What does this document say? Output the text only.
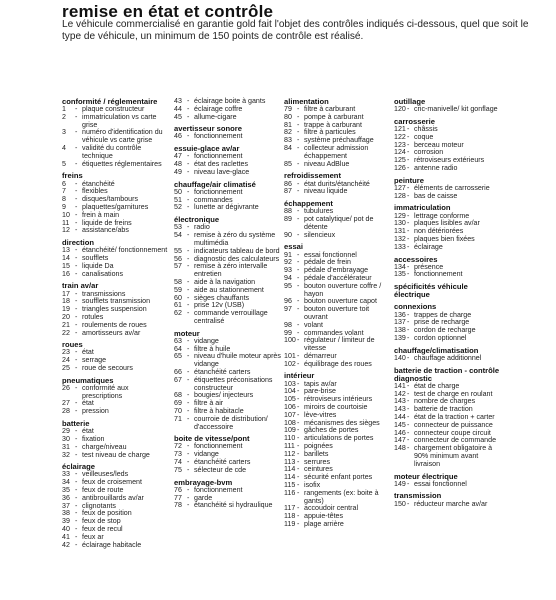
remise en état et contrôle
Le véhicule commercialisé en garantie gold fait l'objet des contrôles indiqués ci-dessous, quel que soit le type de véhicule, un minimum de 150 points de contrôle est réalisé.
conformité / réglementaire
1	- plaque constructeur
2	- immatriculation vs carte grise
3	- numéro d'identification du véhicule vs carte grise
4	- validité du contrôle technique
5	- étiquettes réglementaires
freins
6	- étanchéité
7	- flexibles
8	- disques/tambours
9	- plaquettes/garnitures
10 - frein à main
11 - liquide de freins
12 - assistance/abs
direction
13 - étanchéité/ fonctionnement
14 - soufflets
15 - liquide Da
16 - canalisations
train av/ar
17 - transmissions
18 - soufflets transmission
19 - triangles suspension
20 - rotules
21 - roulements de roues
22 - amortisseurs av/ar
roues
23 - état
24 - serrage
25 - roue de secours
pneumatiques
26 - conformité aux prescriptions
27 - état
28 - pression
batterie
29 - état
30 - fixation
31 - charge/niveau
32 - test niveau de charge
éclairage
33 - veilleuses/leds
34 - feux de croisement
35 - feux de route
36 - antibrouillards av/ar
37 - clignotants
38 - feux de position
39 - feux de stop
40 - feux de recul
41 - feux ar
42 - éclairage habitacle
43 - éclairage boite à gants
44 - éclairage coffre
45 - allume-cigare
avertisseur sonore
46 - fonctionnement
essuie-glace av/ar
47 - fonctionnement
48 - état des raclettes
49 - niveau lave-glace
chauffage/air climatisé
50 - fonctionnement
51 - commandes
52 - lunette ar dégivrante
électronique
53 - radio
54 - remise à zéro du système multimédia
55 - indicateurs tableau de bord
56 - diagnostic des calculateurs
57 - remise à zéro intervalle entretien
58 - aide à la navigation
59 - aide au stationnement
60 - sièges chauffants
61 - prise 12v (USB)
62 - commande verrouillage centralisé
moteur
63 - vidange
64 - filtre à huile
65 - niveau d'huile moteur après vidange
66 - étanchéité carters
67 - étiquettes préconisations constructeur
68 - bougies/ injecteurs
69 - filtre à air
70 - filtre à habitacle
71 - courroie de distribution/ d'accessoire
boite de vitesse/pont
72 - fonctionnement
73 - vidange
74 - étanchéité carters
75 - sélecteur de cde
embrayage-bvm
76 - fonctionnement
77 - garde
78 - étanchéité si hydraulique
alimentation
79 - filtre à carburant
80 - pompe à carburant
81 - trappe à carburant
82 - filtre à particules
83 - système préchauffage
84 - collecteur admission échappement
85 - niveau AdBlue
refroidissement
86 - état durits/étanchéité
87 - niveau liquide
échappement
88 - tubulures
89 - pot catalytique/ pot de détente
90 - silencieux
essai
91 - essai fonctionnel
92 - pédale de frein
93 - pédale d'embrayage
94 - pédale d'accélérateur
95 - bouton ouverture coffre / hayon
96 - bouton ouverture capot
97 - bouton ouverture toit ouvrant
98 - volant
99 - commandes volant
100 - régulateur / limiteur de vitesse
101 - démarreur
102 - équilibrage des roues
intérieur
103 - tapis av/ar
104 - pare-brise
105 - rétroviseurs intérieurs
106 - miroirs de courtoisie
107 - lève-vitres
108 - mécanismes des sièges
109 - gâches de portes
110 - articulations de portes
111 - poignées
112 - barillets
113 - serrures
114 - ceintures
114 - sécurité enfant portes
115 - isofix
116 - rangements (ex: boite à gants)
117 - accoudoir central
118 - appuie-têtes
119 - plage arrière
outillage
120 - cric-manivelle/ kit gonflage
carrosserie
121 - châssis
122 - coque
123 - berceau moteur
124 - corrosion
125 - rétroviseurs extérieurs
126 - antenne radio
peinture
127 - éléments de carrosserie
128 - bas de caisse
immatriculation
129 - lettrage conforme
130 - plaques lisibles av/ar
131 - non détériorées
132 - plaques bien fixées
133 - éclairage
accessoires
134 - présence
135 - fonctionnement
spécificités véhicule électrique
connexions
136 - trappes de charge
137 - prise de recharge
138 - cordon de recharge
139 - cordon optionnel
chauffage/climatisation
140 - chauffage additionnel
batterie de traction - contrôle diagnostic
141 - état de charge
142 - test de charge en roulant
143 - nombre de charges
143 - batterie de traction
144 - état de la traction + carter
145 - connecteur de puissance
146 - connecteur coupe circuit
147 - connecteur de commande
148 - chargement obligatoire à 90% minimum avant livraison
moteur électrique
149 - essai fonctionnel
transmission
150 - réducteur marche av/ar
